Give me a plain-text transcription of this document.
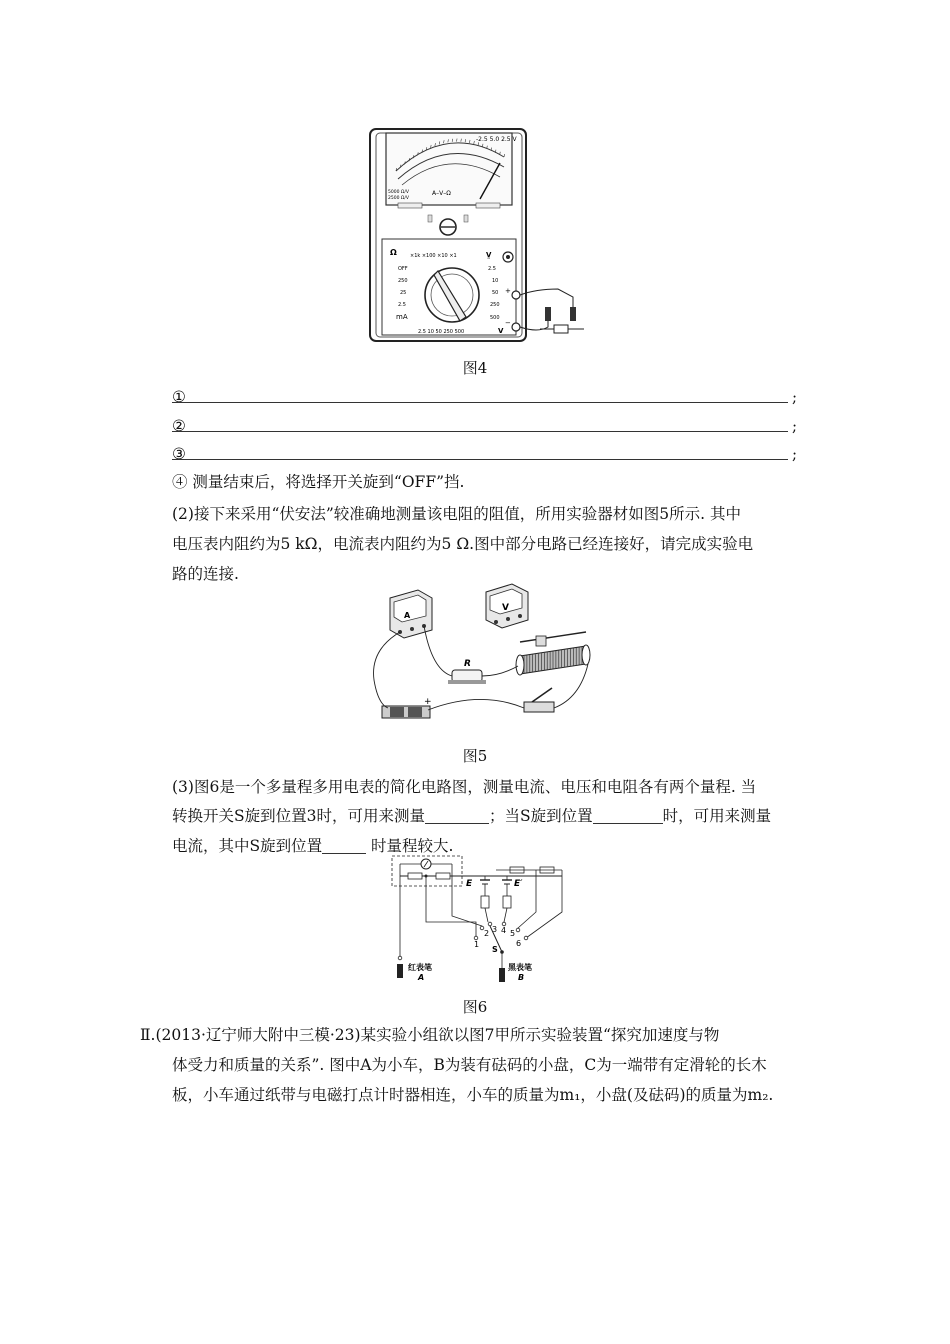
-2.5 5.0 2.5 V
A–V–Ω
5000 Ω/V
2500 Ω/V
Ω	×1k ×100 ×10 ×1	V̰
OFF
250
25
2.5
mA
2.5
10
50
250
500
2.5 10 50 250 500	V
+
−
图4
①	;
②	;
③	;
④ 测量结束后，将选择开关旋到“OFF”挡.
(2)接下来采用“伏安法”较准确地测量该电阻的阻值，所用实验器材如图5所示. 其中
电压表内阻约为5 kΩ，电流表内阻约为5 Ω.图中部分电路已经连接好，请完成实验电
路的连接.
A
V
R
+
图5
(3)图6是一个多量程多用电表的简化电路图，测量电流、电压和电阻各有两个量程. 当
转换开关S旋到位置3时，可用来测量	；当S旋到位置	时，可用来测量
电流，其中S旋到位置	时量程较大.
E	E′
1
2 3 4 5
6
S
红表笔
A
黑表笔
B
图6
Ⅱ.(2013·辽宁师大附中三模·23)某实验小组欲以图7甲所示实验装置“探究加速度与物
体受力和质量的关系”. 图中A为小车，B为装有砝码的小盘，C为一端带有定滑轮的长木
板，小车通过纸带与电磁打点计时器相连，小车的质量为m₁，小盘(及砝码)的质量为m₂.
